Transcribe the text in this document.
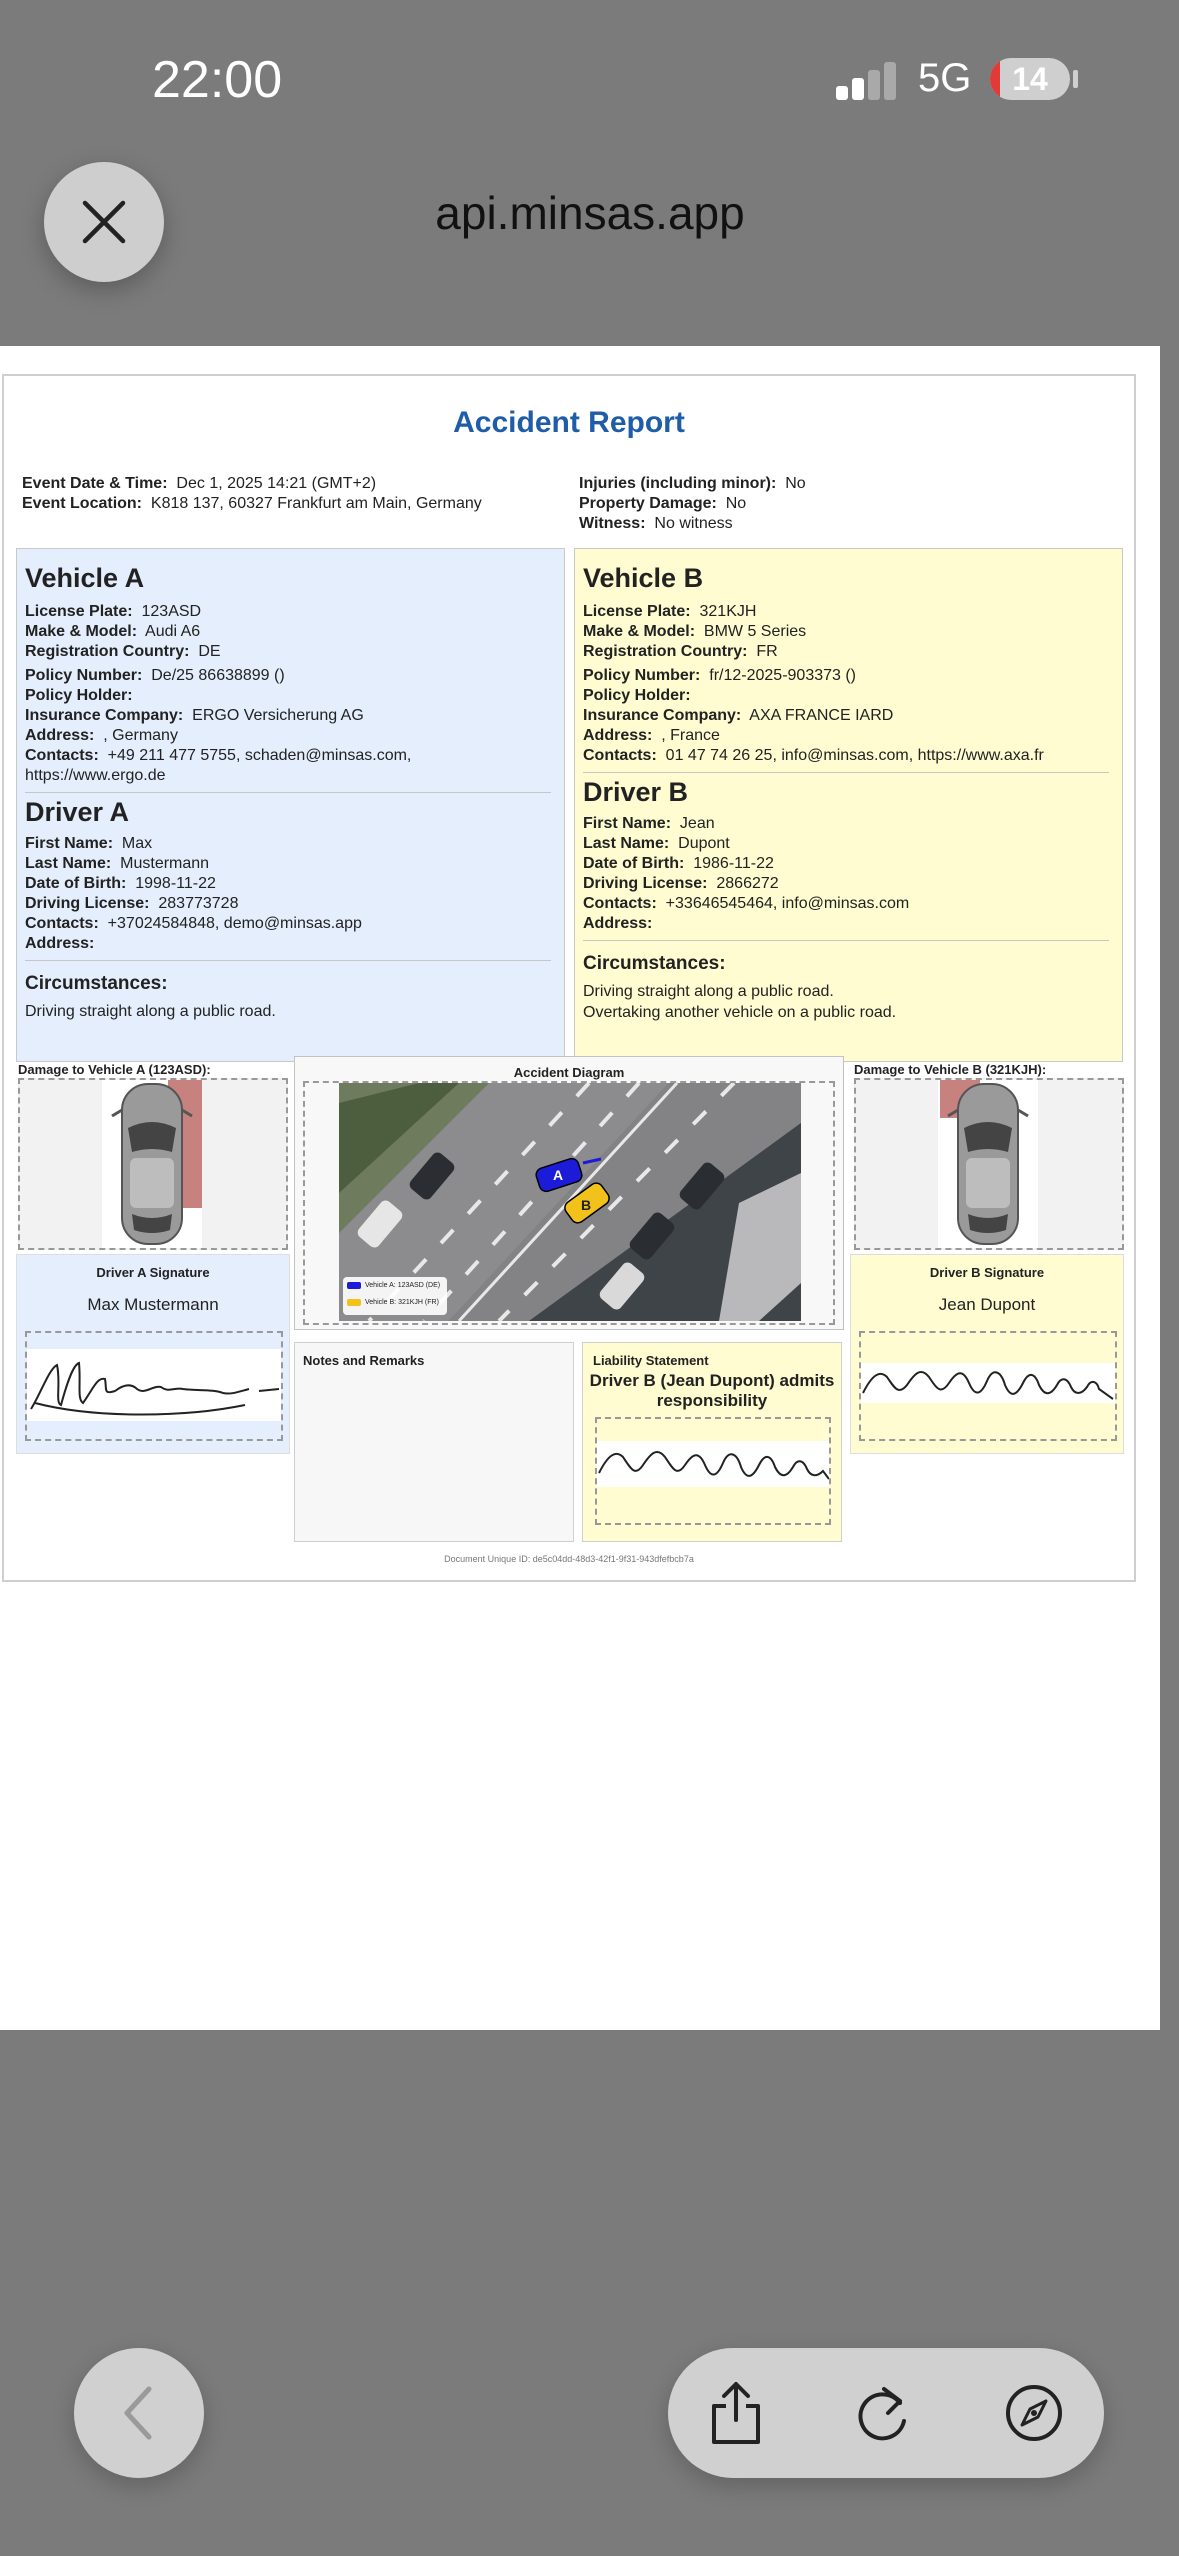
22:00	5G	14
api.minsas.app
Accident Report
Event Date & Time: Dec 1, 2025 14:21 (GMT+2)
Event Location: K818 137, 60327 Frankfurt am Main, Germany
Injuries (including minor): No
Property Damage: No
Witness: No witness
Vehicle A
License Plate: 123ASD
Make & Model: Audi A6
Registration Country: DE
Policy Number: De/25 86638899 ()
Policy Holder:
Insurance Company: ERGO Versicherung AG
Address: , Germany
Contacts: +49 211 477 5755, schaden@minsas.com,
https://www.ergo.de
Driver A
First Name: Max
Last Name: Mustermann
Date of Birth: 1998-11-22
Driving License: 283773728
Contacts: +37024584848, demo@minsas.app
Address:
Circumstances:
Driving straight along a public road.
Vehicle B
License Plate: 321KJH
Make & Model: BMW 5 Series
Registration Country: FR
Policy Number: fr/12-2025-903373 ()
Policy Holder:
Insurance Company: AXA FRANCE IARD
Address: , France
Contacts: 01 47 74 26 25, info@minsas.com, https://www.axa.fr
Driver B
First Name: Jean
Last Name: Dupont
Date of Birth: 1986-11-22
Driving License: 2866272
Contacts: +33646545464, info@minsas.com
Address:
Circumstances:
Driving straight along a public road.
Overtaking another vehicle on a public road.
Damage to Vehicle A (123ASD):	Damage to Vehicle B (321KJH):
Accident Diagram
A
B
Vehicle A: 123ASD (DE)
Vehicle B: 321KJH (FR)
Driver A Signature
Max Mustermann
Driver B Signature
Jean Dupont
Notes and Remarks	Liability Statement
Driver B (Jean Dupont) admits responsibility
Document Unique ID: de5c04dd-48d3-42f1-9f31-943dfefbcb7a
